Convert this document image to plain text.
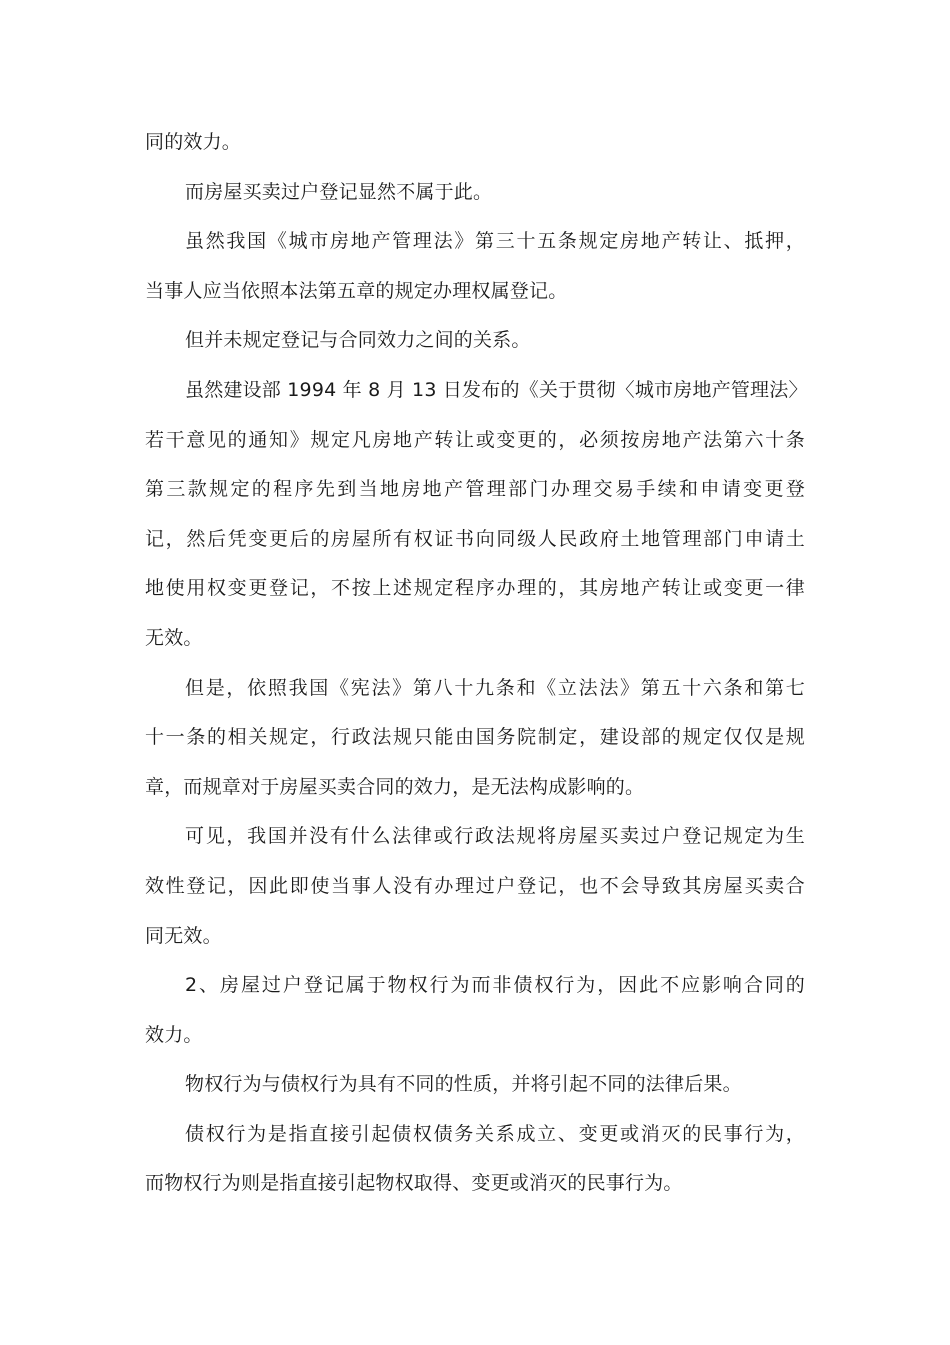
同的效力。

而房屋买卖过户登记显然不属于此。

虽然我国《城市房地产管理法》第三十五条规定房地产转让、抵押，
当事人应当依照本法第五章的规定办理权属登记。

但并未规定登记与合同效力之间的关系。

虽然建设部 1994 年 8 月 13 日发布的《关于贯彻〈城市房地产管理法〉
若干意见的通知》规定凡房地产转让或变更的，必须按房地产法第六十条
第三款规定的程序先到当地房地产管理部门办理交易手续和申请变更登
记，然后凭变更后的房屋所有权证书向同级人民政府土地管理部门申请土
地使用权变更登记，不按上述规定程序办理的，其房地产转让或变更一律
无效。

但是，依照我国《宪法》第八十九条和《立法法》第五十六条和第七
十一条的相关规定，行政法规只能由国务院制定，建设部的规定仅仅是规
章，而规章对于房屋买卖合同的效力，是无法构成影响的。

可见，我国并没有什么法律或行政法规将房屋买卖过户登记规定为生
效性登记，因此即使当事人没有办理过户登记，也不会导致其房屋买卖合
同无效。

2、房屋过户登记属于物权行为而非债权行为，因此不应影响合同的
效力。

物权行为与债权行为具有不同的性质，并将引起不同的法律后果。

债权行为是指直接引起债权债务关系成立、变更或消灭的民事行为，
而物权行为则是指直接引起物权取得、变更或消灭的民事行为。
